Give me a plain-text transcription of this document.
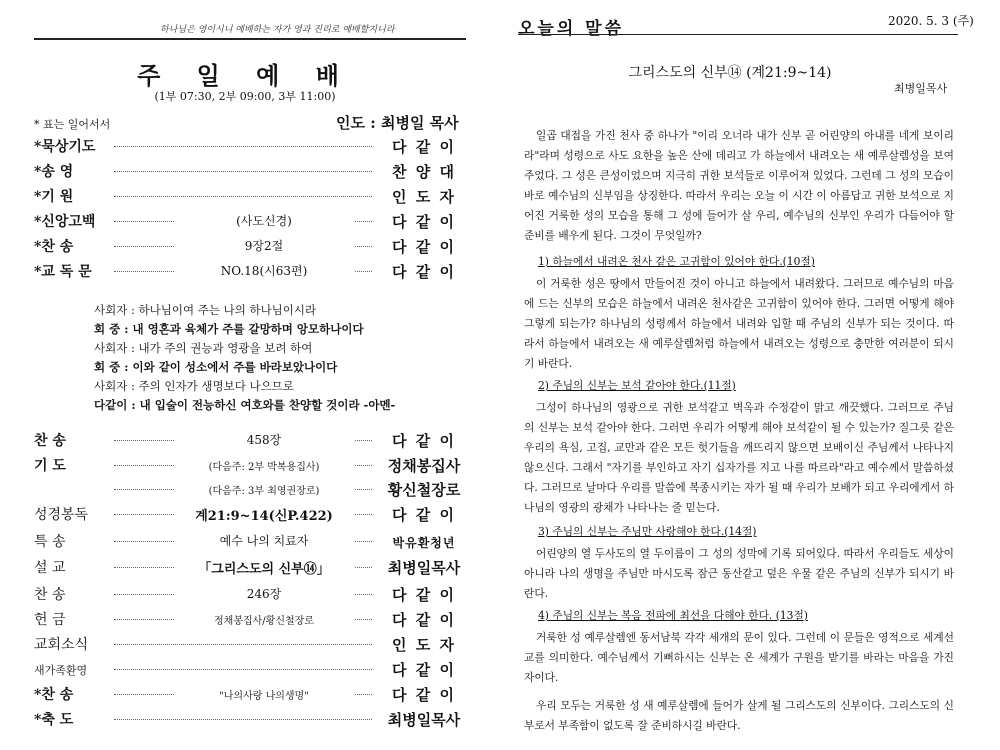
하나님은 영이시니 예배하는 자가 영과 진리로 예배할지니라
주 일 예 배
(1부 07:30, 2부 09:00, 3부 11:00)
* 표는 일어서서	인도 : 최병일 목사
*묵상기도	다 같 이
*송 영	찬 양 대
*기 원	인 도 자
*신앙고백	(사도신경)	다 같 이
*찬 송	9장2절	다 같 이
*교 독 문	NO.18(시63편)	다 같 이
사회자 : 하나님이여 주는 나의 하나님이시라
회 중 : 내 영혼과 육체가 주를 갈망하며 앙모하나이다
사회자 : 내가 주의 권능과 영광을 보려 하여
회 중 : 이와 같이 성소에서 주를 바라보았나이다
사회자 : 주의 인자가 생명보다 나으므로
다같이 : 내 입술이 전능하신 여호와를 찬양할 것이라 -아멘-
찬 송	458장	다 같 이
기 도	(다음주: 2부 박복용집사)	정채봉집사
(다음주: 3부 최영권장로)	황신철장로
성경봉독	계21:9~14(신P.422)	다 같 이
특 송	예수 나의 치료자	박유환청년
설 교	「그리스도의 신부⑭」	최병일목사
찬 송	246장	다 같 이
헌 금	정채봉집사/황신철장로	다 같 이
교회소식	인 도 자
새가족환영	다 같 이
*찬 송	"나의사랑 나의생명"	다 같 이
*축 도	최병일목사
오늘의 말씀	2020. 5. 3 (주)
그리스도의 신부⑭ (계21:9~14)
최병일목사

일곱 대접을 가진 천사 중 하나가 "이리 오너라 내가 신부 곧 어린양의 아내를 네게 보이리라"라며 성령으로 사도 요한을 높은 산에 데리고 가 하늘에서 내려오는 새 예루살렘성을 보여 주었다. 그 성은 큰성이었으며 지극히 귀한 보석들로 이루어져 있었다. 그런데 그 성의 모습이 바로 예수님의 신부임을 상징한다. 따라서 우리는 오늘 이 시간 이 아름답고 귀한 보석으로 지어진 거룩한 성의 모습을 통해 그 성에 들어가 살 우리, 예수님의 신부인 우리가 다듬어야 할 준비를 배우게 된다. 그것이 무엇일까?

1) 하늘에서 내려온 천사 같은 고귀함이 있어야 한다.(10절)

이 거룩한 성은 땅에서 만들어진 것이 아니고 하늘에서 내려왔다. 그러므로 예수님의 마음에 드는 신부의 모습은 하늘에서 내려온 천사같은 고귀함이 있어야 한다. 그러면 어떻게 해야 그렇게 되는가? 하나님의 성령께서 하늘에서 내려와 입할 때 주님의 신부가 되는 것이다. 따라서 하늘에서 내려오는 새 예루살렘처럼 하늘에서 내려오는 성령으로 충만한 여러분이 되시기 바란다.

2) 주님의 신부는 보석 같아야 한다.(11절)

그성이 하나님의 영광으로 귀한 보석같고 벽옥과 수정같이 맑고 깨끗했다. 그러므로 주님의 신부는 보석 같아야 한다. 그러면 우리가 어떻게 해야 보석같이 될 수 있는가? 질그릇 같은 우리의 욕심, 고집, 교만과 같은 모든 헛기들을 깨뜨리지 않으면 보배이신 주님께서 나타나지 않으신다. 그래서 "자기를 부인하고 자기 십자가를 지고 나를 따르라"라고 예수께서 말씀하셨다. 그러므로 날마다 우리를 말씀에 복종시키는 자가 될 때 우리가 보배가 되고 우리에게서 하나님의 영광의 광채가 나타나는 줄 믿는다.

3) 주님의 신부는 주님만 사랑해야 한다.(14절)

어린양의 열 두사도의 열 두이름이 그 성의 성막에 기록 되어있다. 따라서 우리들도 세상이 아니라 나의 생명을 주님만 마시도록 잠근 동산같고 덮은 우물 같은 주님의 신부가 되시기 바란다.

4) 주님의 신부는 복음 전파에 최선을 다해야 한다. (13절)

거룩한 성 예루살렘엔 동서남북 각각 세개의 문이 있다. 그런데 이 문들은 영적으로 세계선교를 의미한다. 예수님께서 기뻐하시는 신부는 온 세계가 구원을 받기를 바라는 마음을 가진 자이다.

우리 모두는 거룩한 성 새 예루살렘에 들어가 살게 될 그리스도의 신부이다. 그리스도의 신부로서 부족함이 없도록 잘 준비하시길 바란다.
